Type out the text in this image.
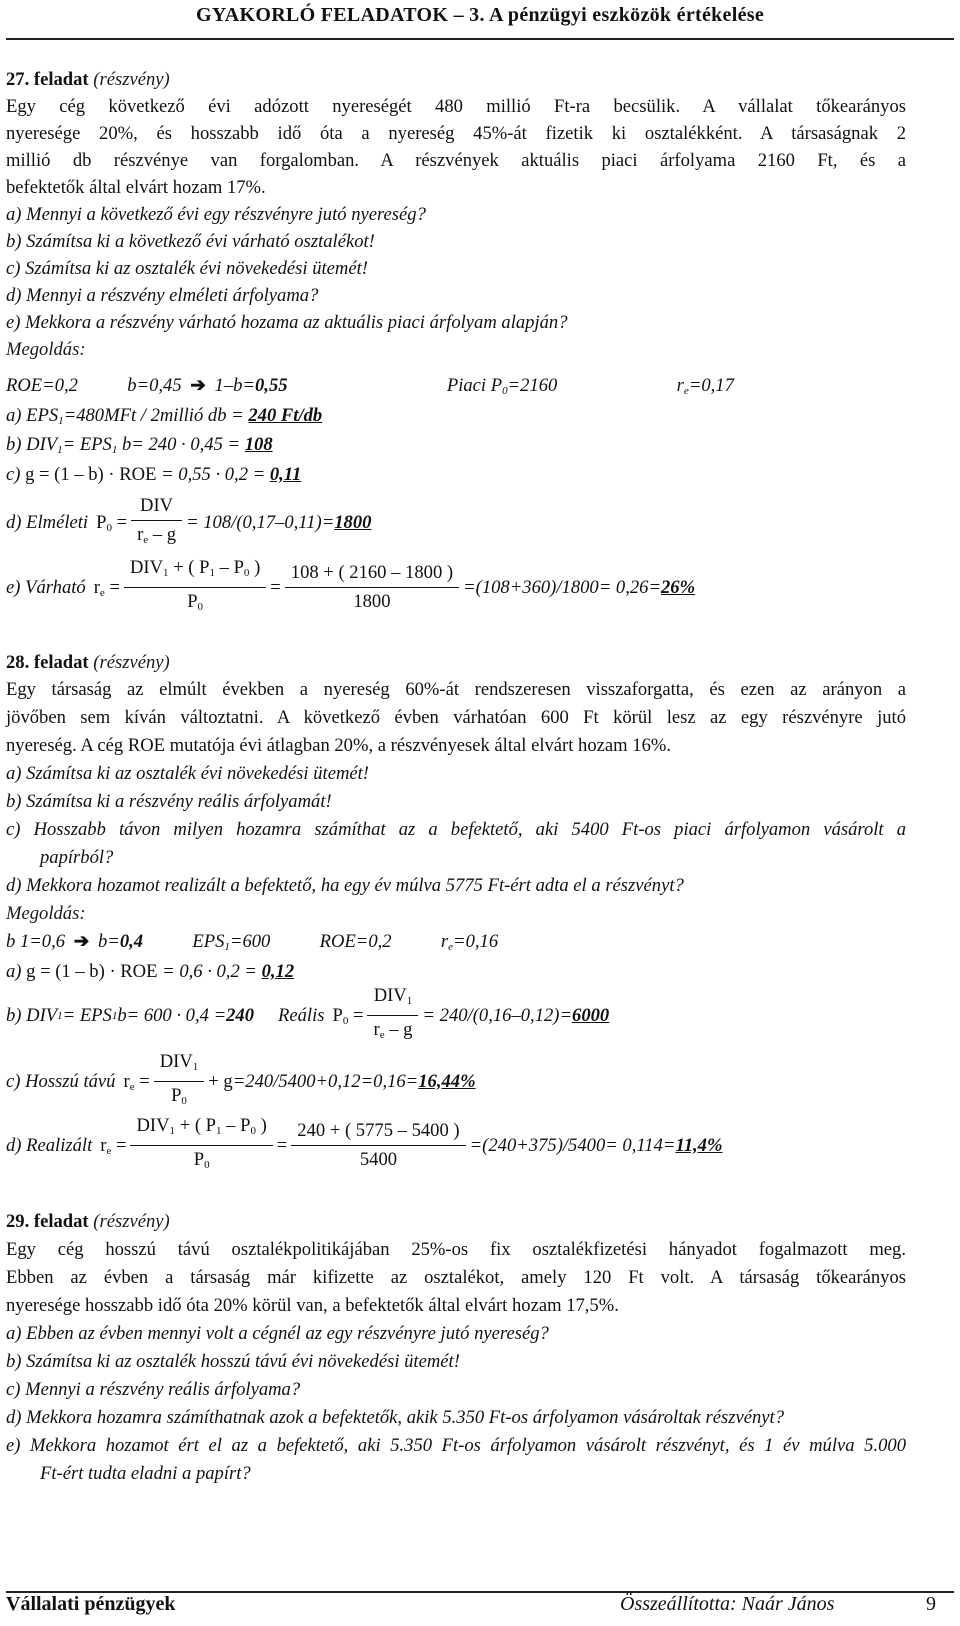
GYAKORLÓ FELADATOK – 3. A pénzügyi eszközök értékelése
27. feladat (részvény)
Egy cég következő évi adózott nyereségét 480 millió Ft-ra becsülik. A vállalat tőkearányos
nyeresége 20%, és hosszabb idő óta a nyereség 45%-át fizetik ki osztalékként. A társaságnak 2
millió db részvénye van forgalomban. A részvények aktuális piaci árfolyama 2160 Ft, és a
befektetők által elvárt hozam 17%.
a) Mennyi a következő évi egy részvényre jutó nyereség?
b) Számítsa ki a következő évi várható osztalékot!
c) Számítsa ki az osztalék évi növekedési ütemét!
d) Mennyi a részvény elméleti árfolyama?
e) Mekkora a részvény várható hozama az aktuális piaci árfolyam alapján?
Megoldás:
ROE=0,2	b=0,45 ➔ 1–b=0,55	Piaci $P_0=2160$	$r_e=0,17$
a) $EPS_1=480MFt$ / 2millió db = 240 Ft/db
b) $DIV_1= EPS_1$ b= 240 · 0,45 = 108
c) g = (1 – b) · ROE = 0,55 · 0,2 = 0,11
d) Elméleti $P_0 = \frac{\text{DIV}}{r_e - g} = 108/(0,17-0,11)= 1800$
e) Várható $r_e = \frac{DIV_1 + ( P_1 - P_0 )}{P_0} = \frac{108 + ( 2160 - 1800 )}{1800} =(108+360)/1800= 0,26= 26\%$
28. feladat (részvény)
Egy társaság az elmúlt években a nyereség 60%-át rendszeresen visszaforgatta, és ezen az arányon a
jövőben sem kíván változtatni. A következő évben várhatóan 600 Ft körül lesz az egy részvényre jutó
nyereség. A cég ROE mutatója évi átlagban 20%, a részvényesek által elvárt hozam 16%.
a) Számítsa ki az osztalék évi növekedési ütemét!
b) Számítsa ki a részvény reális árfolyamát!
c) Hosszabb távon milyen hozamra számíthat az a befektető, aki 5400 Ft-os piaci árfolyamon vásárolt a
papírból?
d) Mekkora hozamot realizált a befektető, ha egy év múlva 5775 Ft-ért adta el a részvényt?
Megoldás:
b 1=0,6 ➔ b=0,4	$EPS_1=600$	ROE=0,2	$r_e=0,16$
a) g = (1 – b) · ROE = 0,6 · 0,2 = 0,12
b) DIV 1 = EPS 1 b= 600 · 0,4 = 240 Reális $P_0 = \frac{DIV_1}{r_e - g} = 240/(0,16-0,12)= 6000$
c) Hosszú távú $r_e = \frac{DIV_1}{P_0} + g =240/5400+0,12=0,16= 16,44\%$
d) Realizált $r_e = \frac{DIV_1 + ( P_1 - P_0 )}{P_0} = \frac{240 + ( 5775 - 5400 )}{5400} =(240+375)/5400= 0,114= 11,4\%$
29. feladat (részvény)
Egy cég hosszú távú osztalékpolitikájában 25%-os fix osztalékfizetési hányadot fogalmazott meg.
Ebben az évben a társaság már kifizette az osztalékot, amely 120 Ft volt. A társaság tőkearányos
nyeresége hosszabb idő óta 20% körül van, a befektetők által elvárt hozam 17,5%.
a) Ebben az évben mennyi volt a cégnél az egy részvényre jutó nyereség?
b) Számítsa ki az osztalék hosszú távú évi növekedési ütemét!
c) Mennyi a részvény reális árfolyama?
d) Mekkora hozamra számíthatnak azok a befektetők, akik 5.350 Ft-os árfolyamon vásároltak részvényt?
e) Mekkora hozamot ért el az a befektető, aki 5.350 Ft-os árfolyamon vásárolt részvényt, és 1 év múlva 5.000
Ft-ért tudta eladni a papírt?
Vállalati pénzügyek	Összeállította: Naár János	9
